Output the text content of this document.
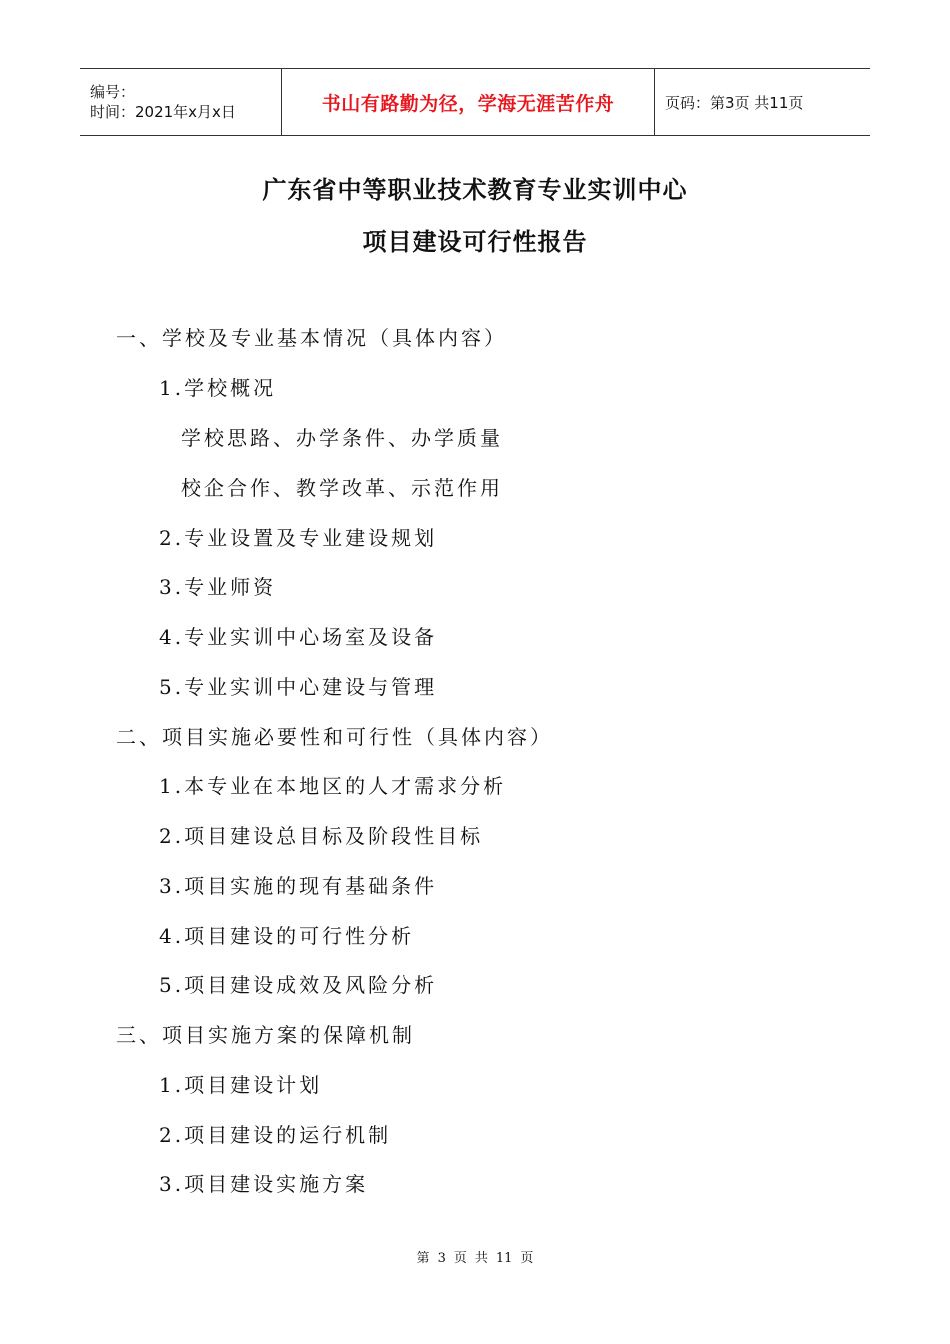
编号：
时间：2021年x月x日	书山有路勤为径，学海无涯苦作舟	页码：第3页 共11页
广东省中等职业技术教育专业实训中心
项目建设可行性报告
一、学校及专业基本情况（具体内容）
1.学校概况
学校思路、办学条件、办学质量
校企合作、教学改革、示范作用
2.专业设置及专业建设规划
3.专业师资
4.专业实训中心场室及设备
5.专业实训中心建设与管理
二、项目实施必要性和可行性（具体内容）
1.本专业在本地区的人才需求分析
2.项目建设总目标及阶段性目标
3.项目实施的现有基础条件
4.项目建设的可行性分析
5.项目建设成效及风险分析
三、项目实施方案的保障机制
1.项目建设计划
2.项目建设的运行机制
3.项目建设实施方案
第 3 页 共 11 页
